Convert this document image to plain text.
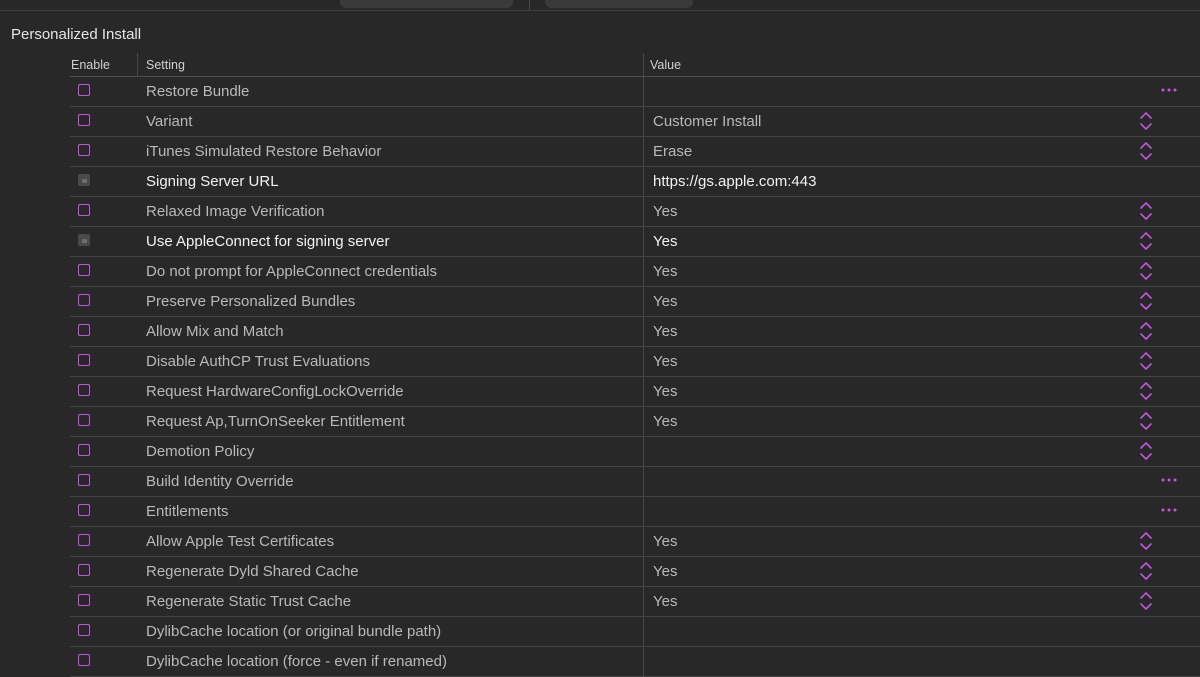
Personalized Install
Enable	Setting	Value
Restore Bundle
Variant	Customer Install
iTunes Simulated Restore Behavior	Erase
Signing Server URL	https://gs.apple.com:443
Relaxed Image Verification	Yes
Use AppleConnect for signing server	Yes
Do not prompt for AppleConnect credentials	Yes
Preserve Personalized Bundles	Yes
Allow Mix and Match	Yes
Disable AuthCP Trust Evaluations	Yes
Request HardwareConfigLockOverride	Yes
Request Ap,TurnOnSeeker Entitlement	Yes
Demotion Policy
Build Identity Override
Entitlements
Allow Apple Test Certificates	Yes
Regenerate Dyld Shared Cache	Yes
Regenerate Static Trust Cache	Yes
DylibCache location (or original bundle path)
DylibCache location (force - even if renamed)
